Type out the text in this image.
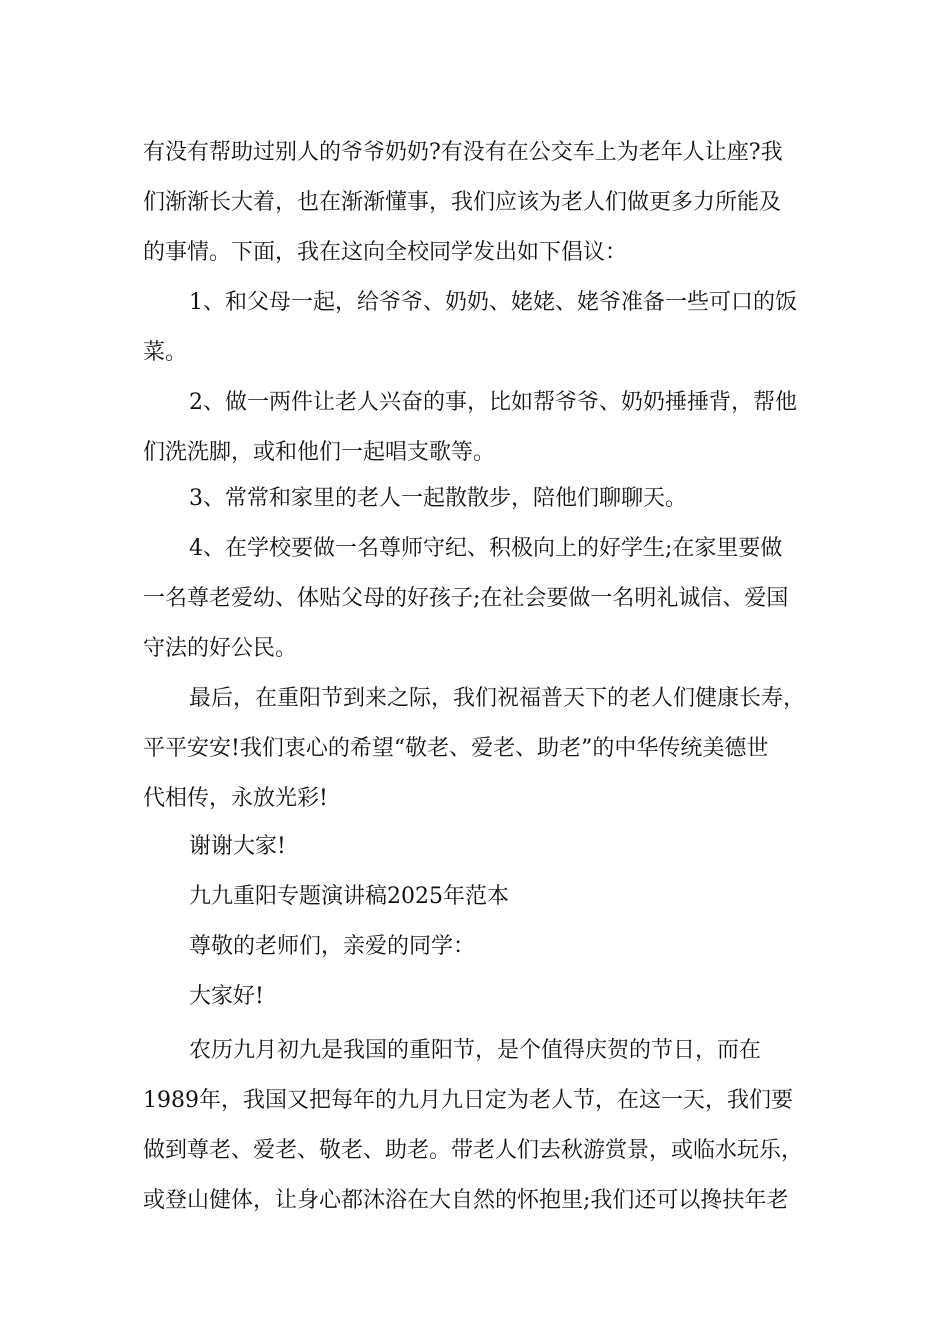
有没有帮助过别人的爷爷奶奶?有没有在公交车上为老年人让座?我
们渐渐长大着，也在渐渐懂事，我们应该为老人们做更多力所能及
的事情。下面，我在这向全校同学发出如下倡议：
1、和父母一起，给爷爷、奶奶、姥姥、姥爷准备一些可口的饭
菜。
2、做一两件让老人兴奋的事，比如帮爷爷、奶奶捶捶背，帮他
们洗洗脚，或和他们一起唱支歌等。
3、常常和家里的老人一起散散步，陪他们聊聊天。
4、在学校要做一名尊师守纪、积极向上的好学生;在家里要做
一名尊老爱幼、体贴父母的好孩子;在社会要做一名明礼诚信、爱国
守法的好公民。
最后，在重阳节到来之际，我们祝福普天下的老人们健康长寿，
平平安安!我们衷心的希望“敬老、爱老、助老”的中华传统美德世
代相传，永放光彩!
谢谢大家!
九九重阳专题演讲稿2025年范本
尊敬的老师们，亲爱的同学：
大家好!
农历九月初九是我国的重阳节，是个值得庆贺的节日，而在
1989年，我国又把每年的九月九日定为老人节，在这一天，我们要
做到尊老、爱老、敬老、助老。带老人们去秋游赏景，或临水玩乐，
或登山健体，让身心都沐浴在大自然的怀抱里;我们还可以搀扶年老
